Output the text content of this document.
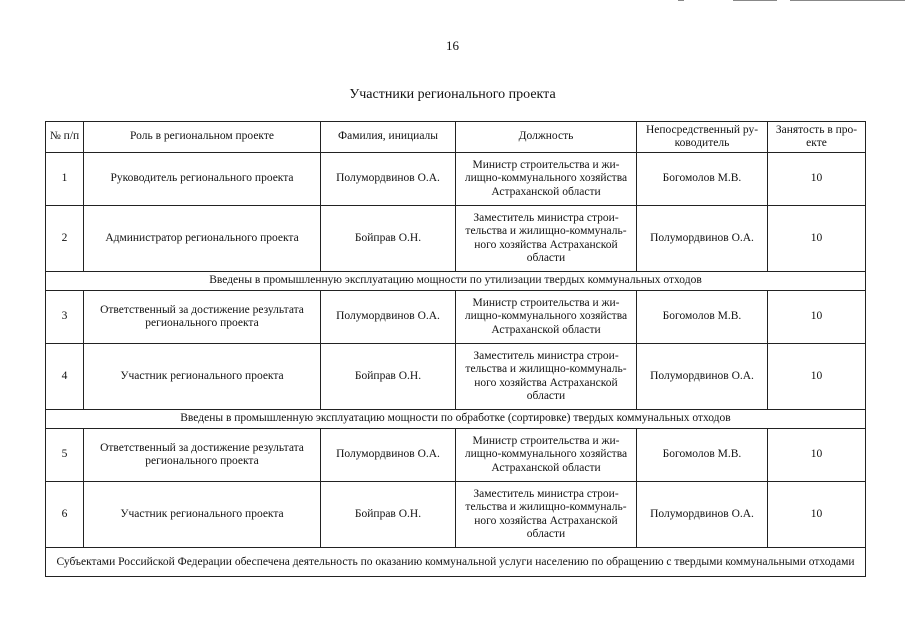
16
Участники регионального проекта
№ п/п	Роль в региональном проекте	Фамилия, инициалы	Должность	Непосредственный руководитель	Занятость в проекте
1	Руководитель регионального проекта	Полумордвинов О.А.	Министр строительства и жилищно-коммунального хозяйства Астраханской области	Богомолов М.В.	10
2	Администратор регионального проекта	Бойправ О.Н.	Заместитель министра строительства и жилищно-коммунального хозяйства Астраханской области	Полумордвинов О.А.	10
Введены в промышленную эксплуатацию мощности по утилизации твердых коммунальных отходов					
3	Ответственный за достижение результата регионального проекта	Полумордвинов О.А.	Министр строительства и жилищно-коммунального хозяйства Астраханской области	Богомолов М.В.	10
4	Участник регионального проекта	Бойправ О.Н.	Заместитель министра строительства и жилищно-коммунального хозяйства Астраханской области	Полумордвинов О.А.	10
Введены в промышленную эксплуатацию мощности по обработке (сортировке) твердых коммунальных отходов					
5	Ответственный за достижение результата регионального проекта	Полумордвинов О.А.	Министр строительства и жилищно-коммунального хозяйства Астраханской области	Богомолов М.В.	10
6	Участник регионального проекта	Бойправ О.Н.	Заместитель министра строительства и жилищно-коммунального хозяйства Астраханской области	Полумордвинов О.А.	10
Субъектами Российской Федерации обеспечена деятельность по оказанию коммунальной услуги населению по обращению с твердыми коммунальными отходами					
